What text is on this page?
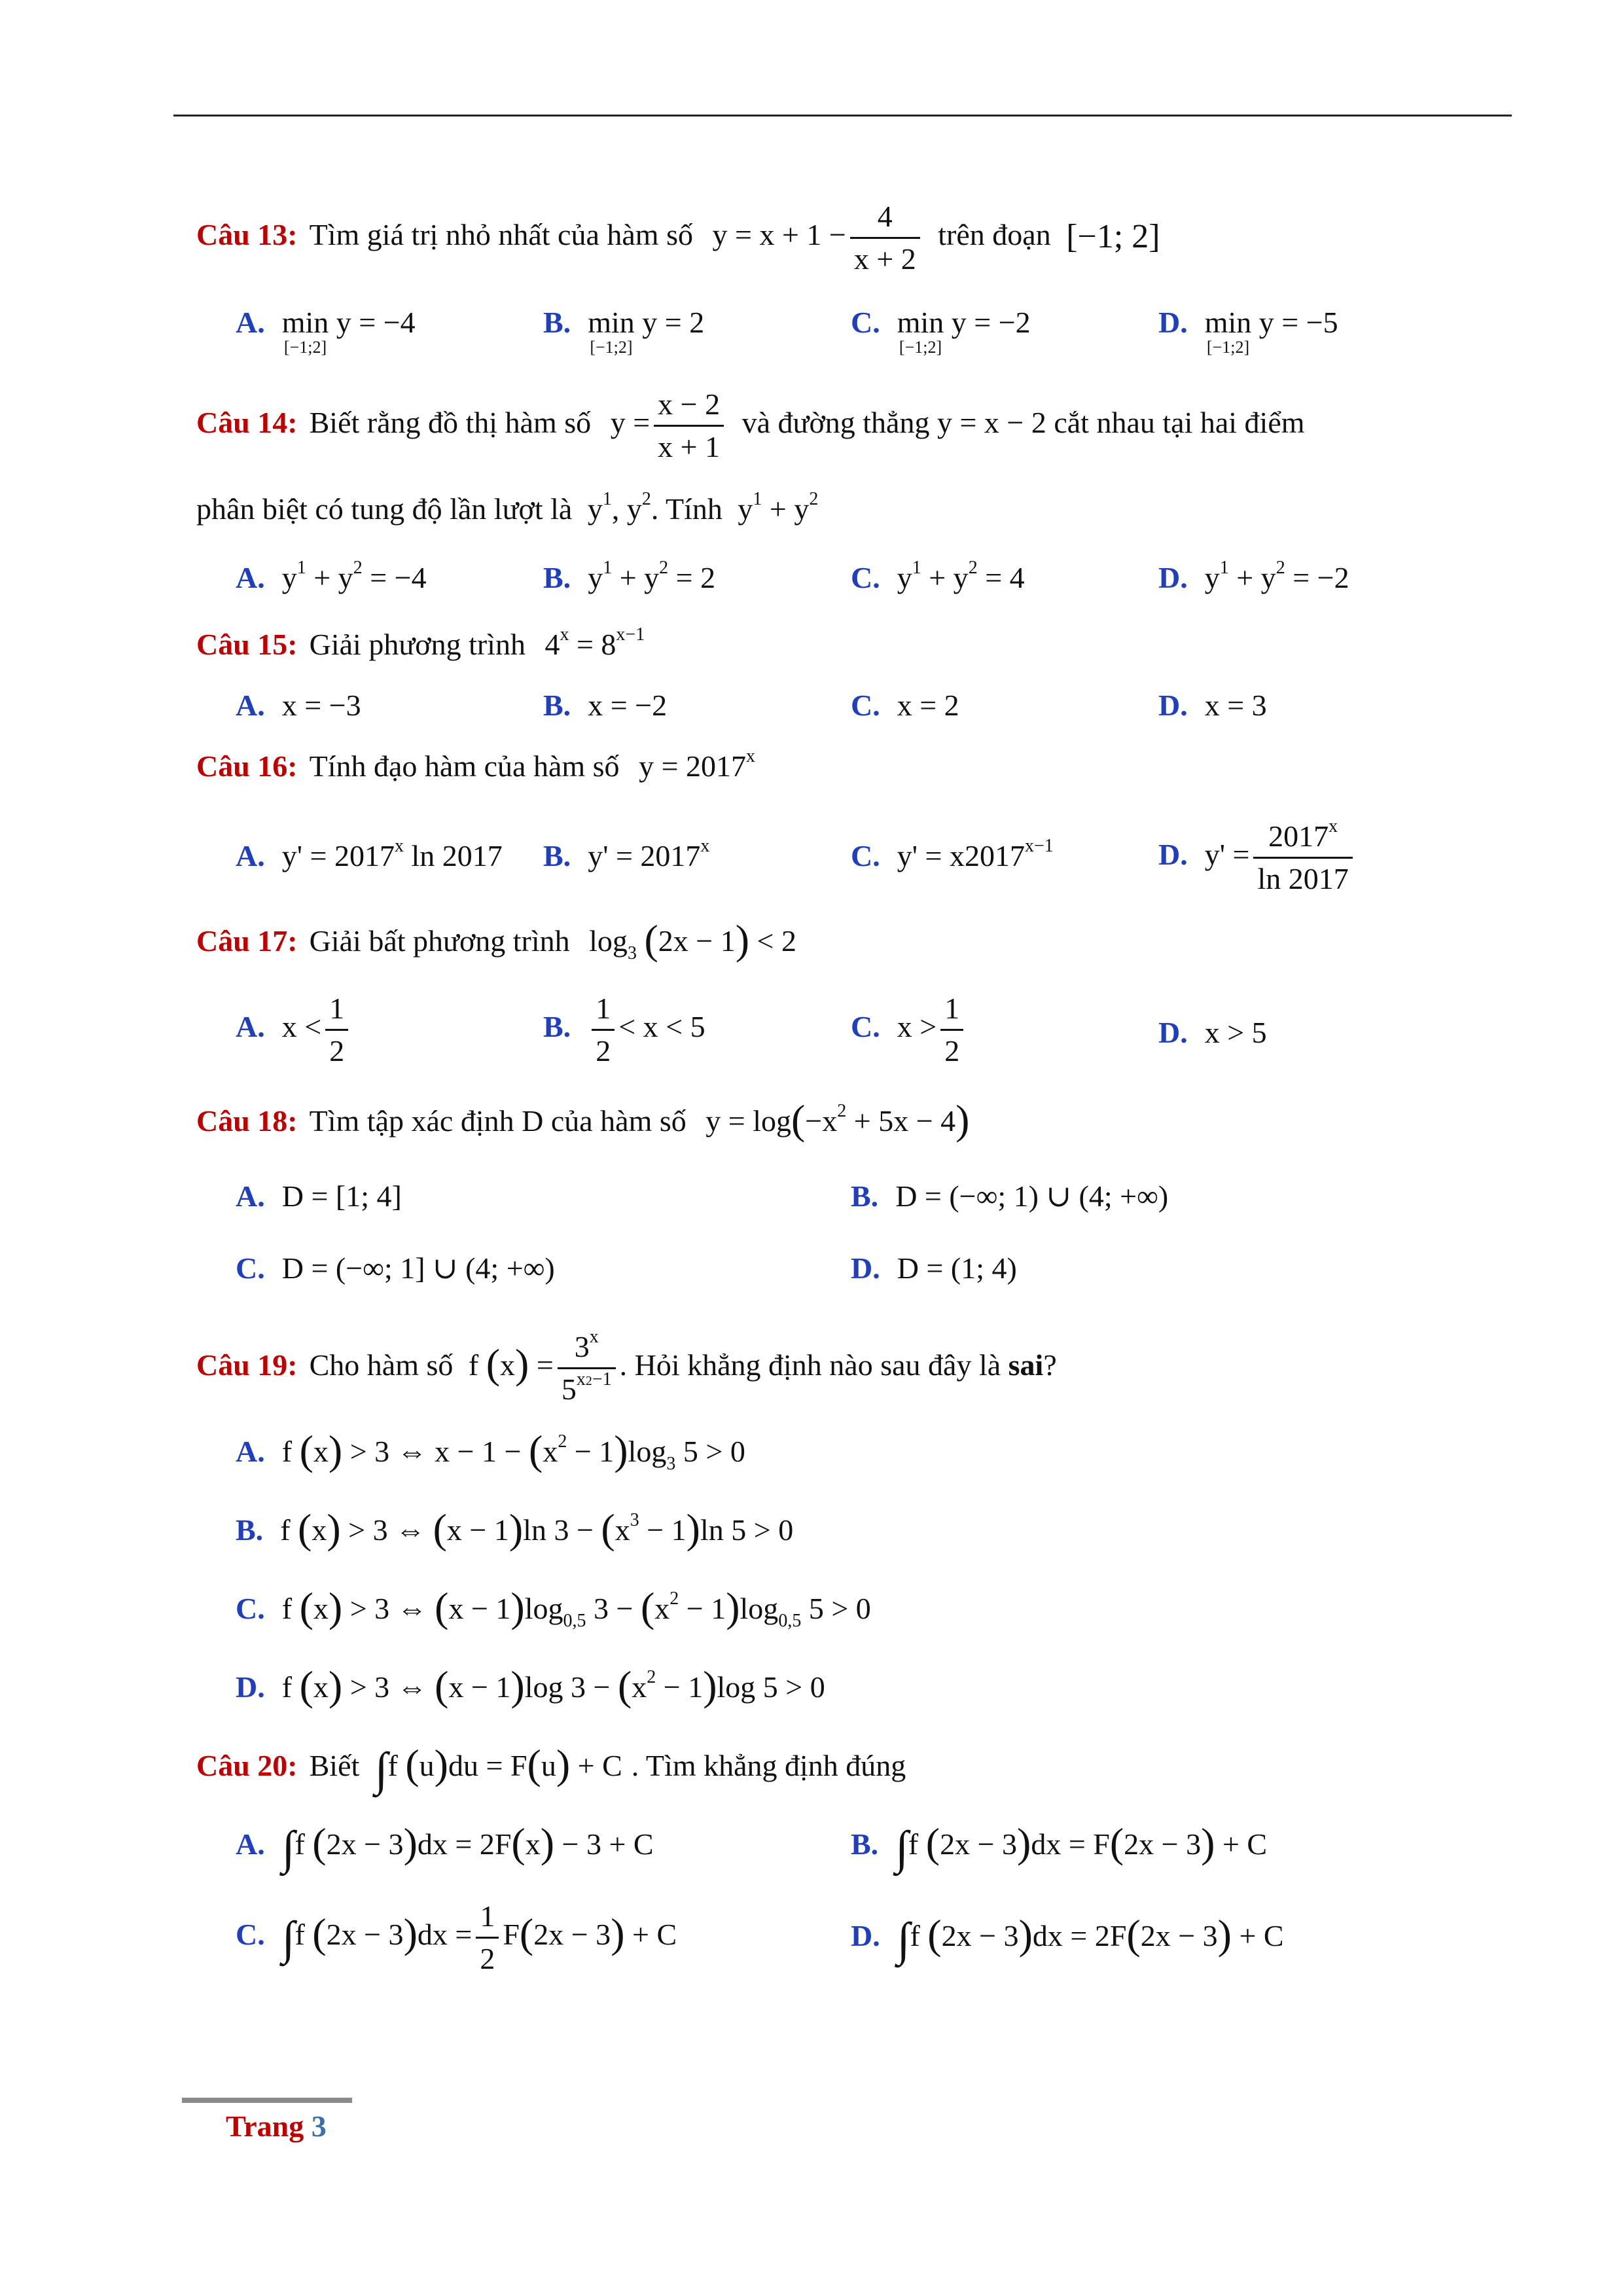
Câu 13: Tìm giá trị nhỏ nhất của hàm số $y = x + 1 - \frac{4}{x + 2}$ trên đoạn [−1; 2]
A. min
[−1;2]
y = −4	B. min
[−1;2]
y = 2	C. min
[−1;2]
y = −2	D. min
[−1;2]
y = −5
Câu 14: Biết rằng đồ thị hàm số $y = \frac{x - 2}{x + 1}$ và đường thẳng y = x − 2 cắt nhau tại hai điểm
phân biệt có tung độ lần lượt là $y^1$, $y^2$. Tính $y^1 + y^2$
A. $y^1 + y^2 = -4$	B. $y^1 + y^2 = 2$	C. $y^1 + y^2 = 4$	D. $y^1 + y^2 = -2$
Câu 15: Giải phương trình $4^x = 8^{x-1}$
A. x = −3	B. x = −2	C. x = 2	D. x = 3
Câu 16: Tính đạo hàm của hàm số $y = 2017^x$
A. $y' = 2017^x$ ln 2017 B. $y' = 2017^x$	C. $y' = x2017^{x-1}$	D. $y' = \frac{2017^x}{\ln 2017}$
Câu 17: Giải bất phương trình $\log_3 (2x - 1) < 2$
A. $x < \frac{1}{2}$	B. $\frac{1}{2} < x < 5$	C. $x > \frac{1}{2}$	D. x > 5
Câu 18: Tìm tập xác định D của hàm số $y = \log(-x^2 + 5x - 4)$
A. D = [1; 4]	B. D = (−∞; 1) ∪ (4; +∞)
C. D = (−∞; 1] ∪ (4; +∞)	D. D = (1; 4)
Câu 19: Cho hàm số f $(x) = \frac{3^x}{5^{x2-1}}$ . Hỏi khẳng định nào sau đây là sai?
A. f (x) > 3 ⇔ $x - 1 - (x^2 - 1)\log_3$ 5 > 0
B. f (x) > 3 ⇔ (x − 1)ln $3 - (x^3 - 1)\ln$ 5 > 0
C. f (x) > 3 ⇔ $(x - 1)\log_{0,5}$ $3 - (x^2 - 1)\log_{0,5}$ 5 > 0
D. f (x) > 3 ⇔ (x − 1)log $3 - (x^2 - 1)\log$ 5 > 0
Câu 20: Biết ∫f (u)du = F(u) + C . Tìm khẳng định đúng
A. ∫f (2x − 3)dx = 2F(x) − 3 + C	B. ∫f (2x − 3)dx = F(2x − 3) + C
C. ∫f $(2x - 3)dx = \frac{1}{2} F(2x - 3) + C$	D. ∫f (2x − 3)dx = 2F(2x − 3) + C
Trang 3
